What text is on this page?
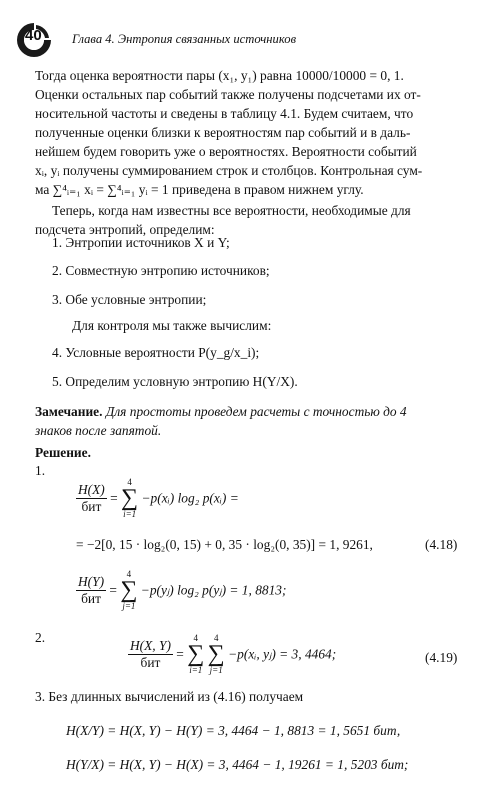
40 Глава 4. Энтропия связанных источников
Тогда оценка вероятности пары (x₁, y₁) равна 10000/10000 = 0, 1.
Оценки остальных пар событий также получены подсчетами их от-
носительной частоты и сведены в таблицу 4.1. Будем считаем, что
полученные оценки близки к вероятностям пар событий и в даль-
нейшем будем говорить уже о вероятностях. Вероятности событий
xᵢ, yᵢ получены суммированием строк и столбцов. Контрольная сум-
ма ∑⁴ᵢ₌₁ xᵢ = ∑⁴ᵢ₌₁ yᵢ = 1 приведена в правом нижнем углу.
Теперь, когда нам известны все вероятности, необходимые для
подсчета энтропий, определим:
1. Энтропии источников X и Y;
2. Совместную энтропию источников;
3. Обе условные энтропии;
Для контроля мы также вычислим:
4. Условные вероятности P(y_g/x_i);
5. Определим условную энтропию H(Y/X).
Замечание. Для простоты проведем расчеты с точностью до 4
знаков после запятой.
Решение.
1.
$\frac{H(X)}{\text{бит}}$ =
4
∑
i=1
−p(xᵢ) log₂ p(xᵢ) =
= −2[0, 15 · log₂(0, 15) + 0, 35 · log₂(0, 35)] = 1, 9261,	(4.18)
$\frac{H(Y)}{\text{бит}}$ =
4
∑
j=1
−p(yⱼ) log₂ p(yⱼ) = 1, 8813;
2.
$\frac{H(X, Y)}{\text{бит}}$ =
4
∑
i=1

4
∑
j=1
−p(xᵢ, yⱼ) = 3, 4464;	(4.19)
3. Без длинных вычислений из (4.16) получаем
H(X/Y) = H(X, Y) − H(Y) = 3, 4464 − 1, 8813 = 1, 5651 бит,
H(Y/X) = H(X, Y) − H(X) = 3, 4464 − 1, 19261 = 1, 5203 бит;
